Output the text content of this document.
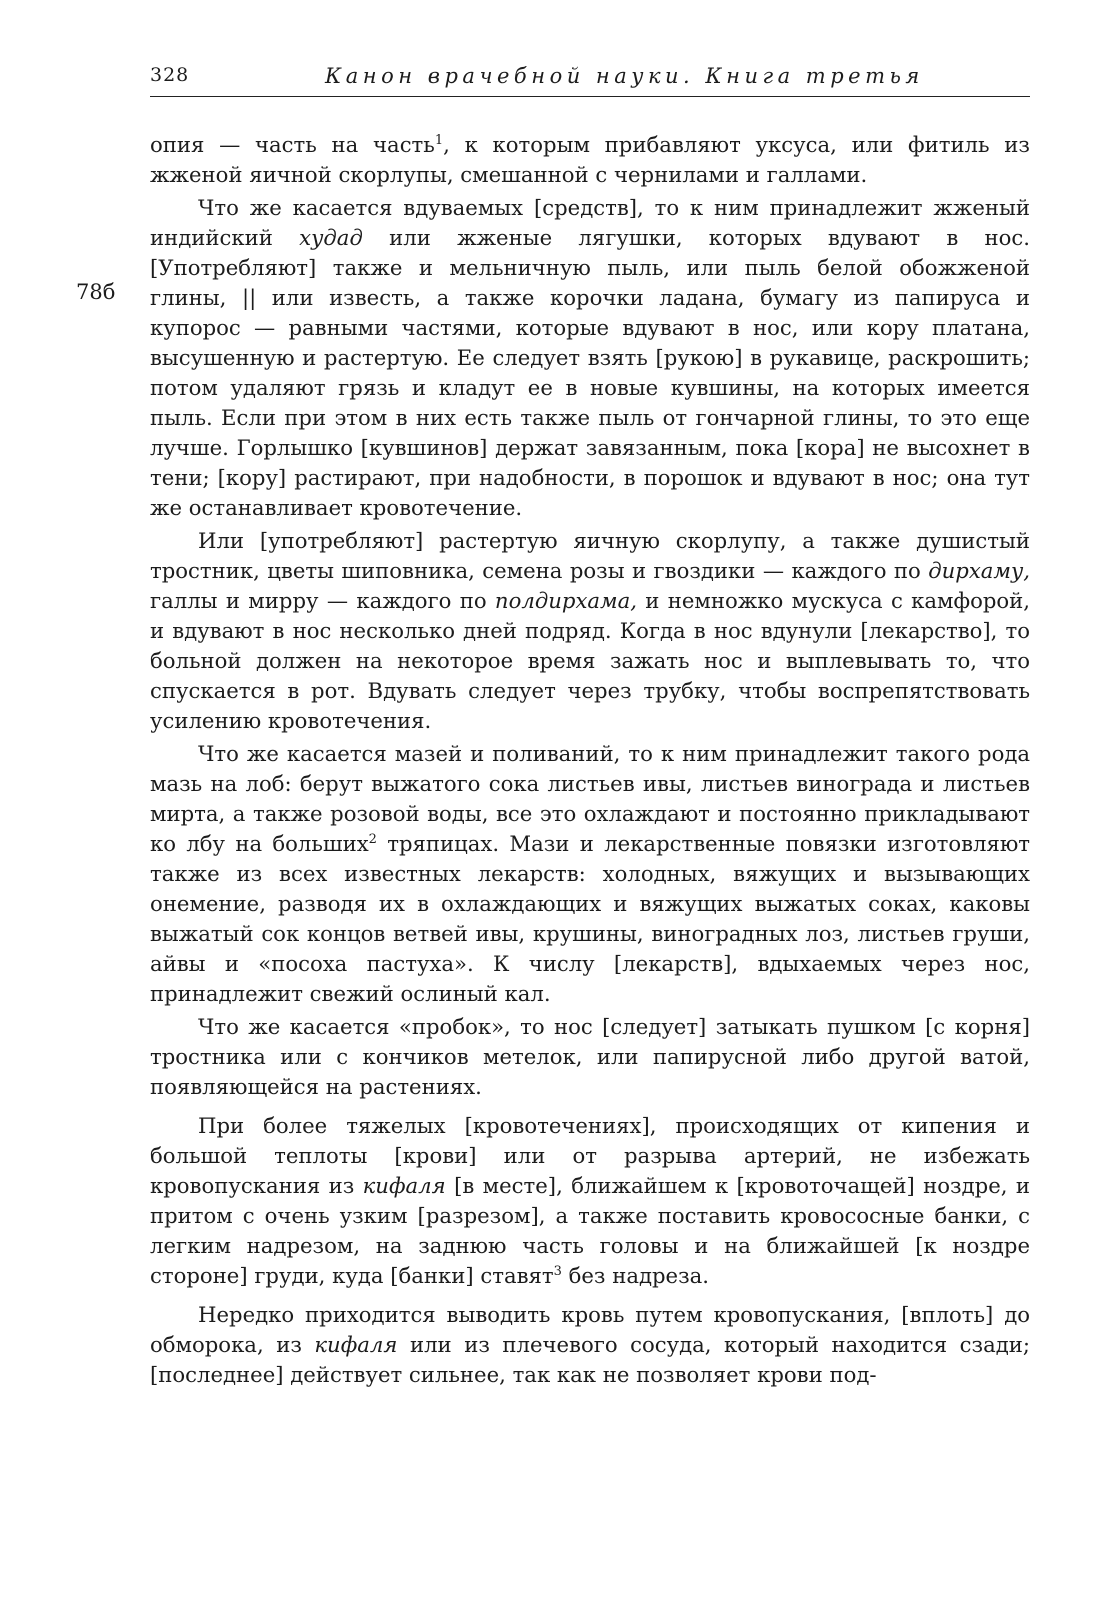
328	Канон врачебной науки. Книга третья
78б

опия — часть на часть$^1$, к которым прибавляют уксуса, или фитиль из жженой яичной скорлупы, смешанной с чернилами и галлами.

Что же касается вдуваемых [средств], то к ним принадлежит жженый индийский худад или жженые лягушки, которых вдувают в нос. [Употребляют] также и мельничную пыль, или пыль белой обожженой глины, || или известь, а также корочки ладана, бумагу из папируса и купорос — равными частями, которые вдувают в нос, или кору платана, высушенную и растертую. Ее следует взять [рукою] в рукавице, раскрошить; потом удаляют грязь и кладут ее в новые кувшины, на которых имеется пыль. Если при этом в них есть также пыль от гончарной глины, то это еще лучше. Горлышко [кувшинов] держат завязанным, пока [кора] не высохнет в тени; [кору] растирают, при надобности, в порошок и вдувают в нос; она тут же останавливает кровотечение.

Или [употребляют] растертую яичную скорлупу, а также душистый тростник, цветы шиповника, семена розы и гвоздики — каждого по дирхаму, галлы и мирру — каждого по полдирхама, и немножко мускуса с камфорой, и вдувают в нос несколько дней подряд. Когда в нос вдунули [лекарство], то больной должен на некоторое время зажать нос и выплевывать то, что спускается в рот. Вдувать следует через трубку, чтобы воспрепятствовать усилению кровотечения.

Что же касается мазей и поливаний, то к ним принадлежит такого рода мазь на лоб: берут выжатого сока листьев ивы, листьев винограда и листьев мирта, а также розовой воды, все это охлаждают и постоянно прикладывают ко лбу на больших$^2$ тряпицах. Мази и лекарственные повязки изготовляют также из всех известных лекарств: холодных, вяжущих и вызывающих онемение, разводя их в охлаждающих и вяжущих выжатых соках, каковы выжатый сок концов ветвей ивы, крушины, виноградных лоз, листьев груши, айвы и «посоха пастуха». К числу [лекарств], вдыхаемых через нос, принадлежит свежий ослиный кал.

Что же касается «пробок», то нос [следует] затыкать пушком [с корня] тростника или с кончиков метелок, или папирусной либо другой ватой, появляющейся на растениях.

При более тяжелых [кровотечениях], происходящих от кипения и большой теплоты [крови] или от разрыва артерий, не избежать кровопускания из кифаля [в месте], ближайшем к [кровоточащей] ноздре, и притом с очень узким [разрезом], а также поставить кровососные банки, с легким надрезом, на заднюю часть головы и на ближайшей [к ноздре стороне] груди, куда [банки] ставят$^3$ без надреза.

Нередко приходится выводить кровь путем кровопускания, [вплоть] до обморока, из кифаля или из плечевого сосуда, который находится сзади; [последнее] действует сильнее, так как не позволяет крови под-
